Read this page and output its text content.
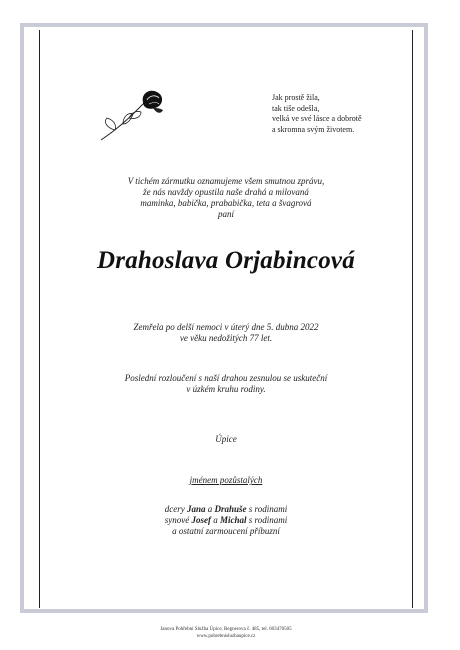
Jak prostě žila,
tak tiše odešla,
velká ve své lásce a dobrotě
a skromna svým životem.
V tichém zármutku oznamujeme všem smutnou zprávu,
že nás navždy opustila naše drahá a milovaná
maminka, babička, prababička, teta a švagrová
paní
Drahoslava Orjabincová
Zemřela po delší nemoci v úterý dne 5. dubna 2022
ve věku nedožitých 77 let.
Poslední rozloučení s naší drahou zesnulou se uskuteční
v úzkém kruhu rodiny.
Úpice
jménem pozůstalých
dcery Jana a Drahuše s rodinami
synové Josef a Michal s rodinami
a ostatní zarmoucení příbuzní
Janova Pohřební Služba Úpice, Regnerova č. 485, tel. 603470505
www.pohrebnisluzbaupice.cz
